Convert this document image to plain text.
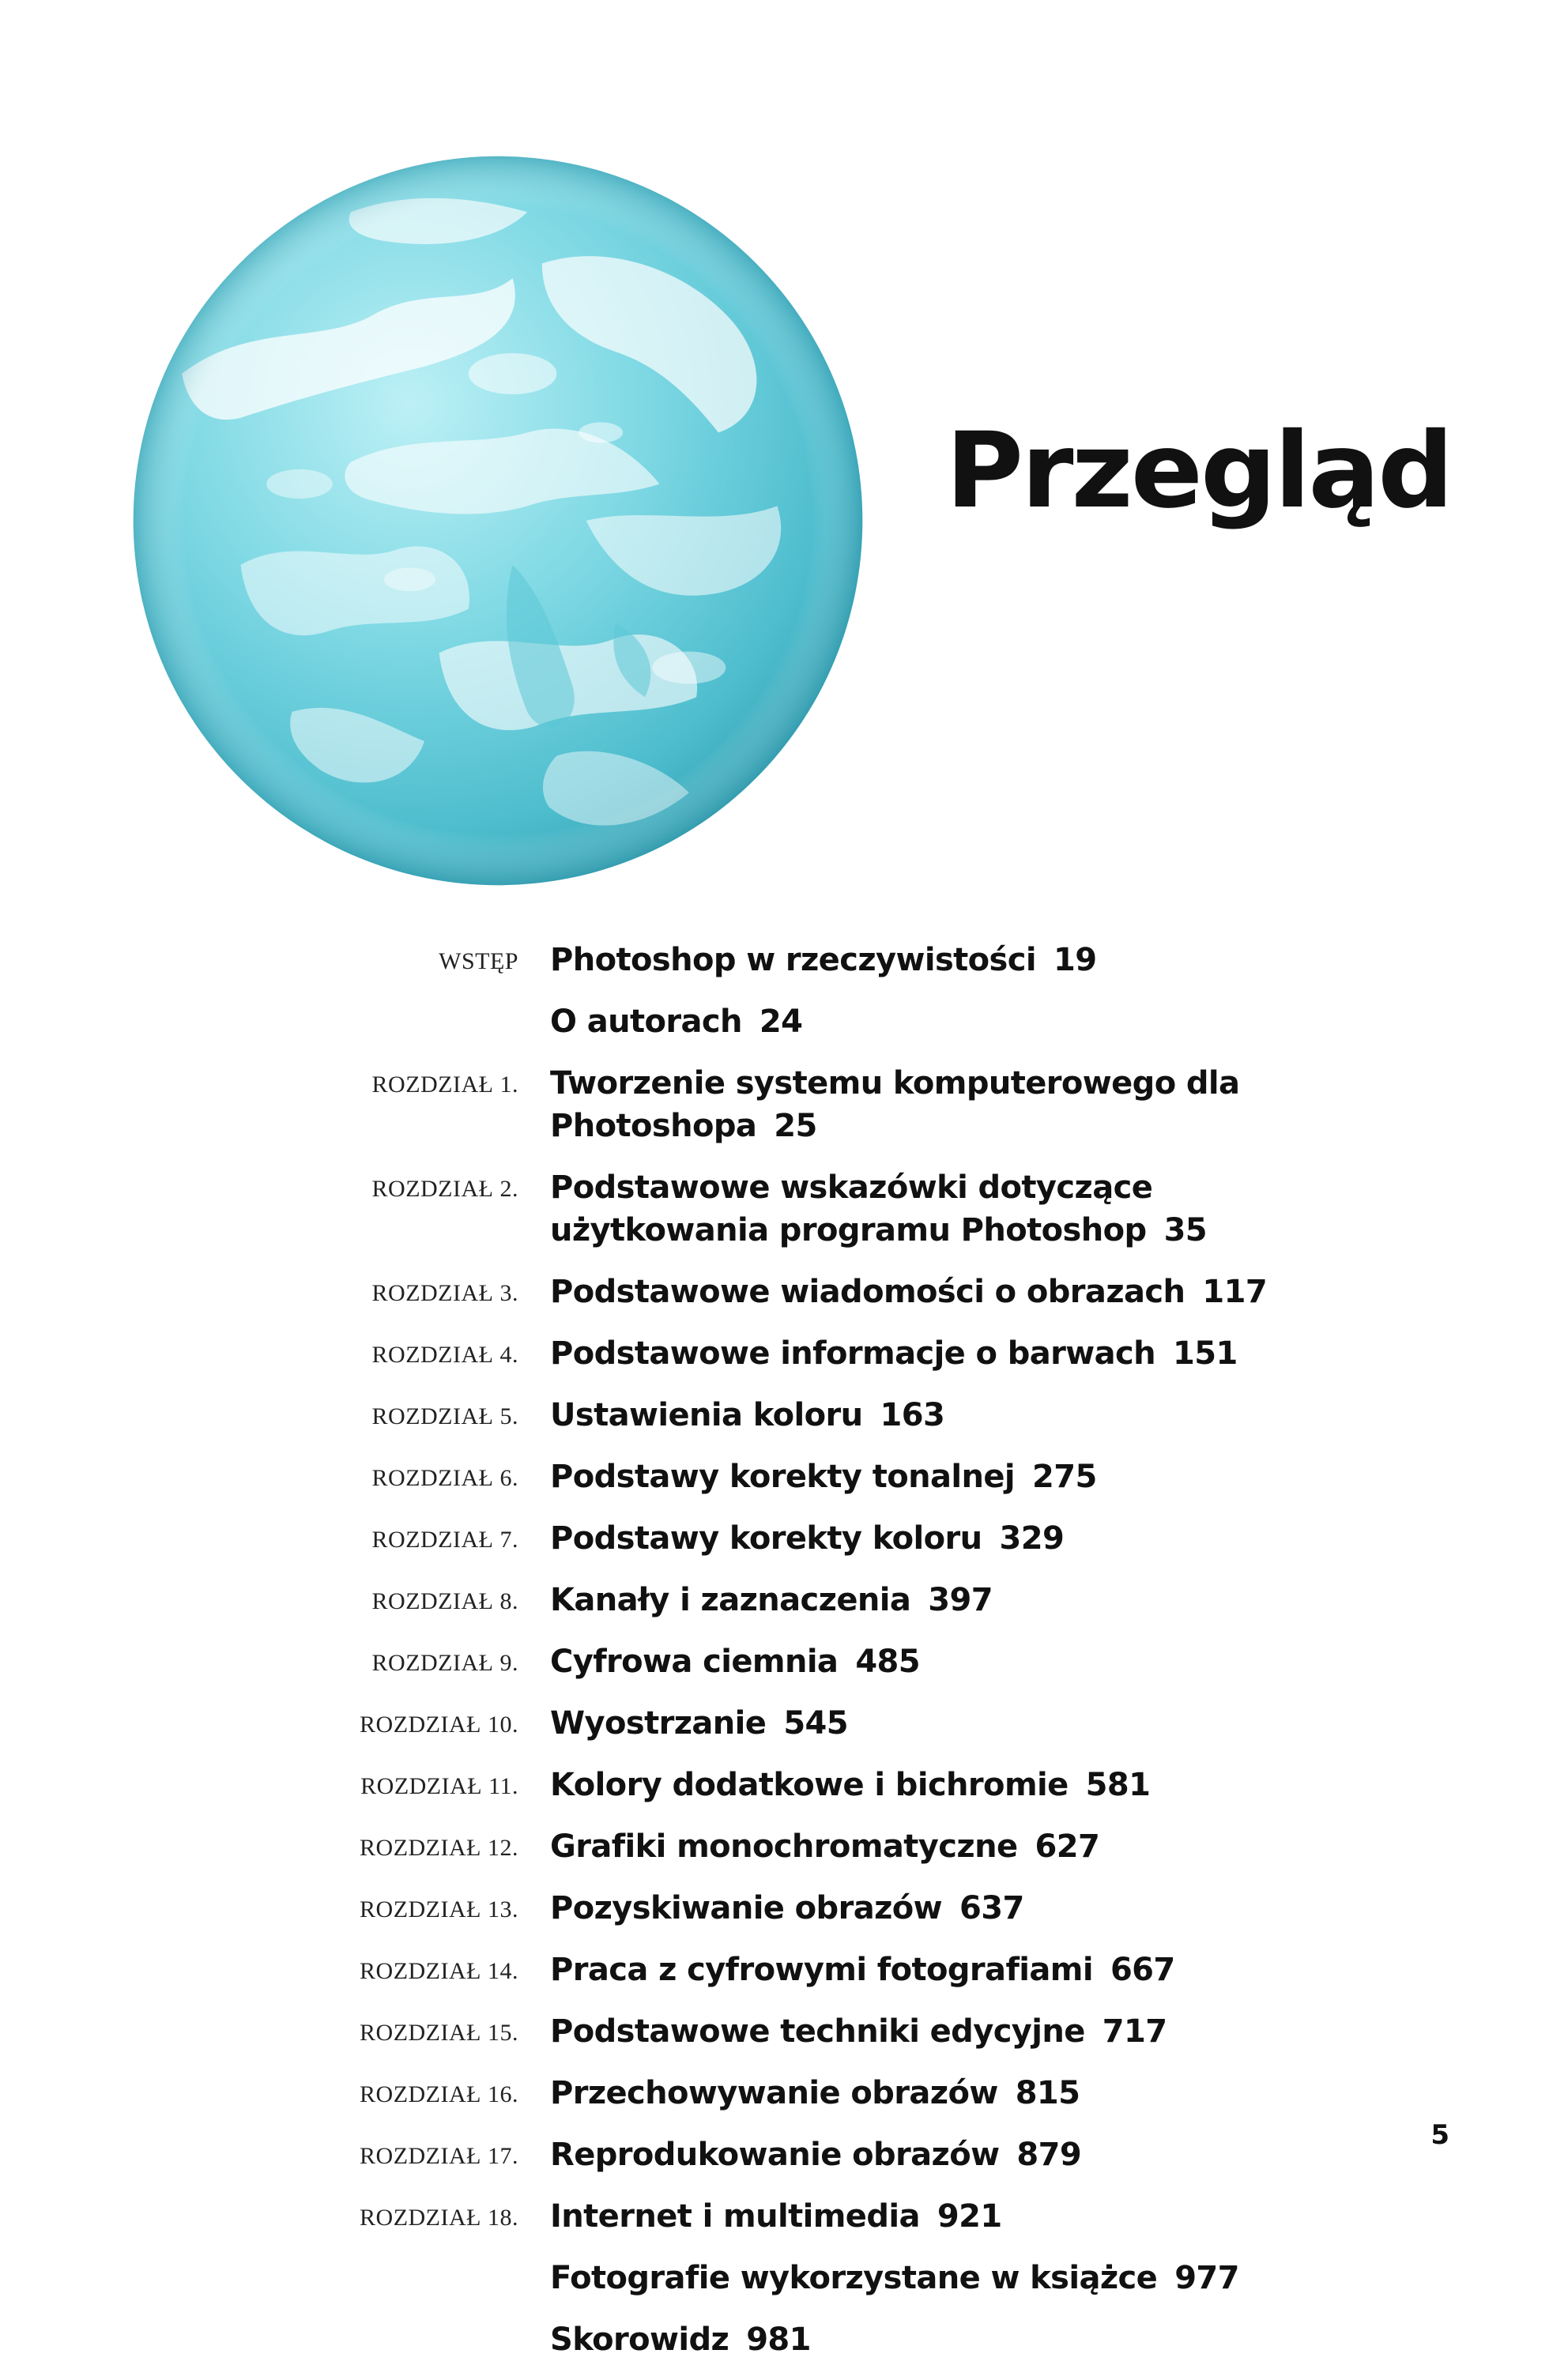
Przegląd
WSTĘP Photoshop w rzeczywistości 19
O autorach 24
ROZDZIAŁ 1. Tworzenie systemu komputerowego dla Photoshopa 25
ROZDZIAŁ 2. Podstawowe wskazówki dotyczące
użytkowania programu Photoshop 35
ROZDZIAŁ 3. Podstawowe wiadomości o obrazach 117
ROZDZIAŁ 4. Podstawowe informacje o barwach 151
ROZDZIAŁ 5. Ustawienia koloru 163
ROZDZIAŁ 6. Podstawy korekty tonalnej 275
ROZDZIAŁ 7. Podstawy korekty koloru 329
ROZDZIAŁ 8. Kanały i zaznaczenia 397
ROZDZIAŁ 9. Cyfrowa ciemnia 485
ROZDZIAŁ 10. Wyostrzanie 545
ROZDZIAŁ 11. Kolory dodatkowe i bichromie 581
ROZDZIAŁ 12. Grafiki monochromatyczne 627
ROZDZIAŁ 13. Pozyskiwanie obrazów 637
ROZDZIAŁ 14. Praca z cyfrowymi fotografiami 667
ROZDZIAŁ 15. Podstawowe techniki edycyjne 717
ROZDZIAŁ 16. Przechowywanie obrazów 815
ROZDZIAŁ 17. Reprodukowanie obrazów 879
ROZDZIAŁ 18. Internet i multimedia 921
Fotografie wykorzystane w książce 977
Skorowidz 981
5
